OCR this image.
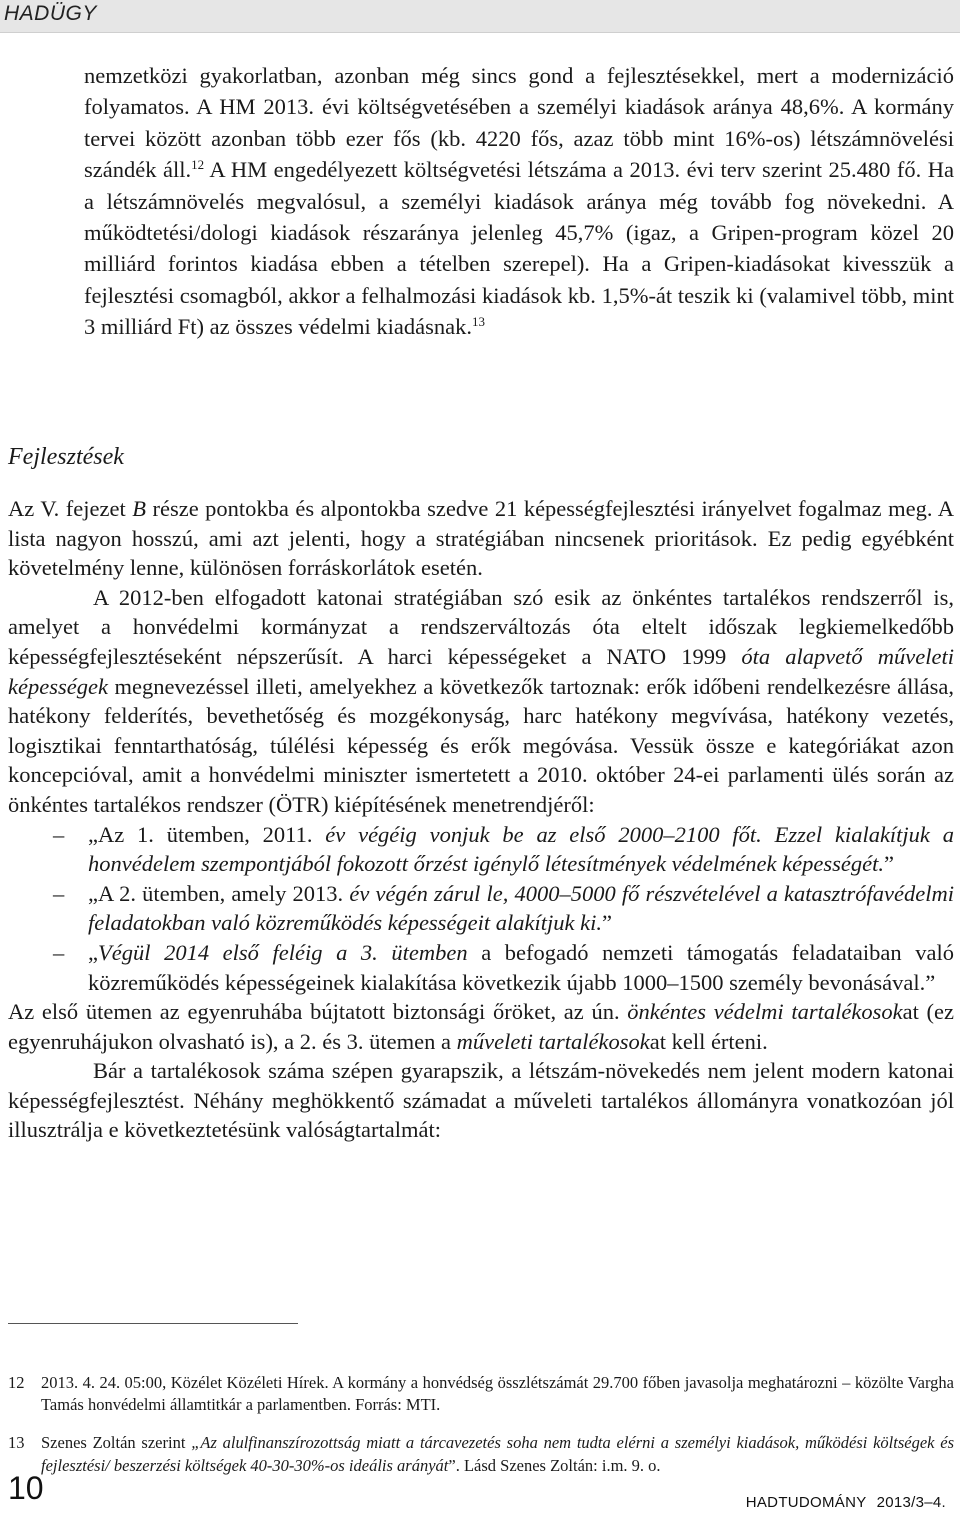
HADÜGY

nemzetközi gyakorlatban, azonban még sincs gond a fejlesztésekkel, mert a modernizáció folyamatos. A HM 2013. évi költségvetésében a személyi kiadások aránya 48,6%. A kormány tervei között azonban több ezer fős (kb. 4220 fős, azaz több mint 16%-os) létszámnövelési szándék áll.$^{12}$ A HM engedélyezett költségvetési létszáma a 2013. évi terv szerint 25.480 fő. Ha a létszámnövelés megvalósul, a személyi kiadások aránya még tovább fog növekedni. A működtetési/dologi kiadások részaránya jelenleg 45,7% (igaz, a Gripen-program közel 20 milliárd forintos kiadása ebben a tételben szerepel). Ha a Gripen-kiadásokat kivesszük a fejlesztési csomagból, akkor a felhalmozási kiadások kb. 1,5%-át teszik ki (valamivel több, mint 3 milliárd Ft) az összes védelmi kiadásnak.$^{13}$

Fejlesztések

Az V. fejezet B része pontokba és alpontokba szedve 21 képességfejlesztési irányelvet fogalmaz meg. A lista nagyon hosszú, ami azt jelenti, hogy a stratégiában nincsenek prioritások. Ez pedig egyébként követelmény lenne, különösen forráskorlátok esetén.

A 2012-ben elfogadott katonai stratégiában szó esik az önkéntes tartalékos rendszerről is, amelyet a honvédelmi kormányzat a rendszerváltozás óta eltelt időszak legkiemelkedőbb képességfejlesztéseként népszerűsít. A harci képességeket a NATO 1999 óta alapvető műveleti képességek megnevezéssel illeti, amelyekhez a következők tartoznak: erők időbeni rendelkezésre állása, hatékony felderítés, bevethetőség és mozgékonyság, harc hatékony megvívása, hatékony vezetés, logisztikai fenntarthatóság, túlélési képesség és erők megóvása. Vessük össze e kategóriákat azon koncepcióval, amit a honvédelmi miniszter ismertetett a 2010. október 24-ei parlamenti ülés során az önkéntes tartalékos rendszer (ÖTR) kiépítésének menetrendjéről:

– „Az 1. ütemben, 2011. év végéig vonjuk be az első 2000–2100 főt. Ezzel kialakítjuk a honvédelem szempontjából fokozott őrzést igénylő létesítmények védelmének képességét.”

– „A 2. ütemben, amely 2013. év végén zárul le, 4000–5000 fő részvételével a katasztrófavédelmi feladatokban való közreműködés képességeit alakítjuk ki.”

– „Végül 2014 első feléig a 3. ütemben a befogadó nemzeti támogatás feladataiban való közreműködés képességeinek kialakítása következik újabb 1000–1500 személy bevonásával.”

Az első ütemen az egyenruhába bújtatott biztonsági őröket, az ún. önkéntes védelmi tartalékosokat (ez egyenruhájukon olvasható is), a 2. és 3. ütemen a műveleti tartalékosokat kell érteni.

Bár a tartalékosok száma szépen gyarapszik, a létszám-növekedés nem jelent modern katonai képességfejlesztést. Néhány meghökkentő számadat a műveleti tartalékos állományra vonatkozóan jól illusztrálja e következtetésünk valóságtartalmát:

12 2013. 4. 24. 05:00, Közélet Közéleti Hírek. A kormány a honvédség összlétszámát 29.700 főben javasolja meghatározni – közölte Vargha Tamás honvédelmi államtitkár a parlamentben. Forrás: MTI.

13 Szenes Zoltán szerint „Az alulfinanszírozottság miatt a tárcavezetés soha nem tudta elérni a személyi kiadások, működési költségek és fejlesztési/ beszerzési költségek 40-30-30%-os ideális arányát”. Lásd Szenes Zoltán: i.m. 9. o.

10	HADTUDOMÁNY 2013/3–4.
